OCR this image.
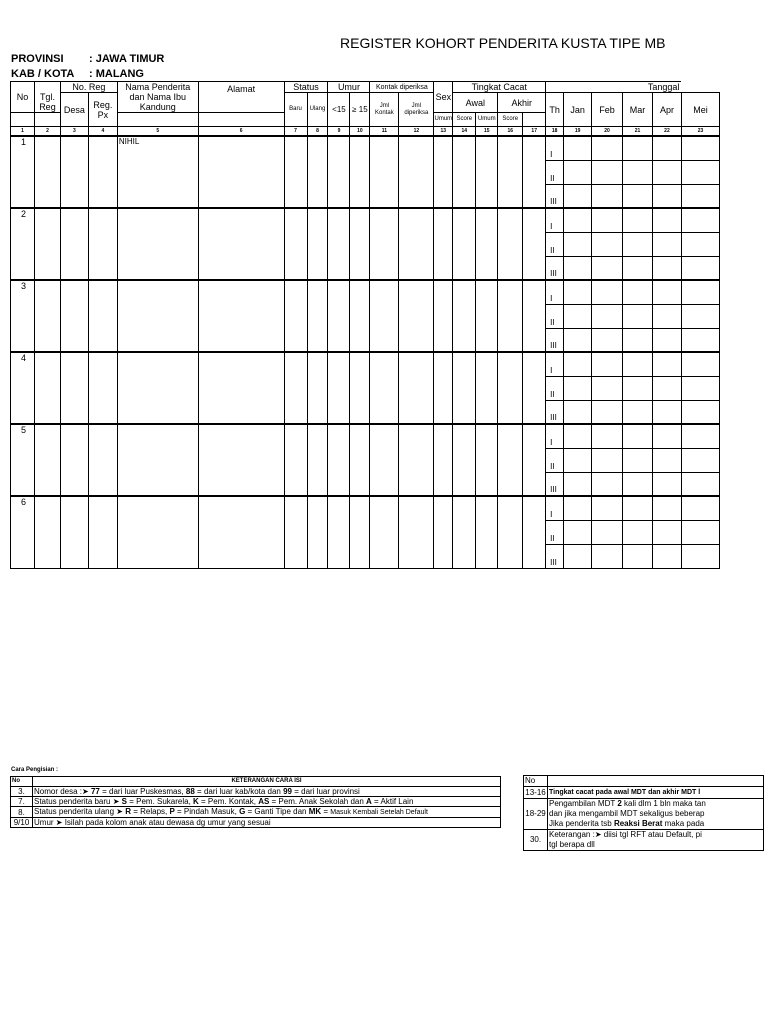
REGISTER KOHORT PENDERITA KUSTA TIPE MB
PROVINSI : JAWA TIMUR
KAB / KOTA : MALANG
No	Tgl. Reg	No. Reg		Nama Penderita dan Nama Ibu Kandung	Alamat	Status		Umur		Kontak diperiksa		Sex	Tingkat Cacat				Tanggal					
		Desa	Reg. Px			Baru	Ulang	<15	≥ 15	Jml Kontak	Jml diperiksa		Awal		Akhir		Th	Jan	Feb	Mar	Apr	Mei
												Umum	Score	Umum	Score							
1	2	3	4	5	6	7	8	9	10	11	12	13	14	15	16	17	18	19	20	21	22	23
1				NIHIL													I					
																	II					
																	III					
2																	I					
																	II					
																	III					
3																	I					
																	II					
																	III					
4																	I					
																	II					
																	III					
5																	I					
																	II					
																	III					
6																	I					
																	II					
																	III					
Cara Pengisian :
No	KETERANGAN CARA ISI
3.	Nomor desa :➤ 77 = dari luar Puskesmas, 88 = dari luar kab/kota dan 99 = dari luar provinsi
7.	Status penderita baru ➤ S = Pem. Sukarela, K = Pem. Kontak, AS = Pem. Anak Sekolah dan A = Aktif Lain
8.	Status penderita ulang ➤ R = Relaps, P = Pindah Masuk, G = Ganti Tipe dan MK = Masuk Kembali Setelah Default
9/10	Umur ➤ Isilah pada kolom anak atau dewasa dg umur yang sesuai
No	
13-16	Tingkat cacat pada awal MDT dan akhir MDT l
18-29	Pengambilan MDT 2 kali dlm 1 bln maka tan
dan jika mengambil MDT sekaligus beberap
Jika penderita tsb Reaksi Berat maka pada
30.	Keterangan :➤ diisi tgl RFT atau Default, pi
tgl berapa dll
